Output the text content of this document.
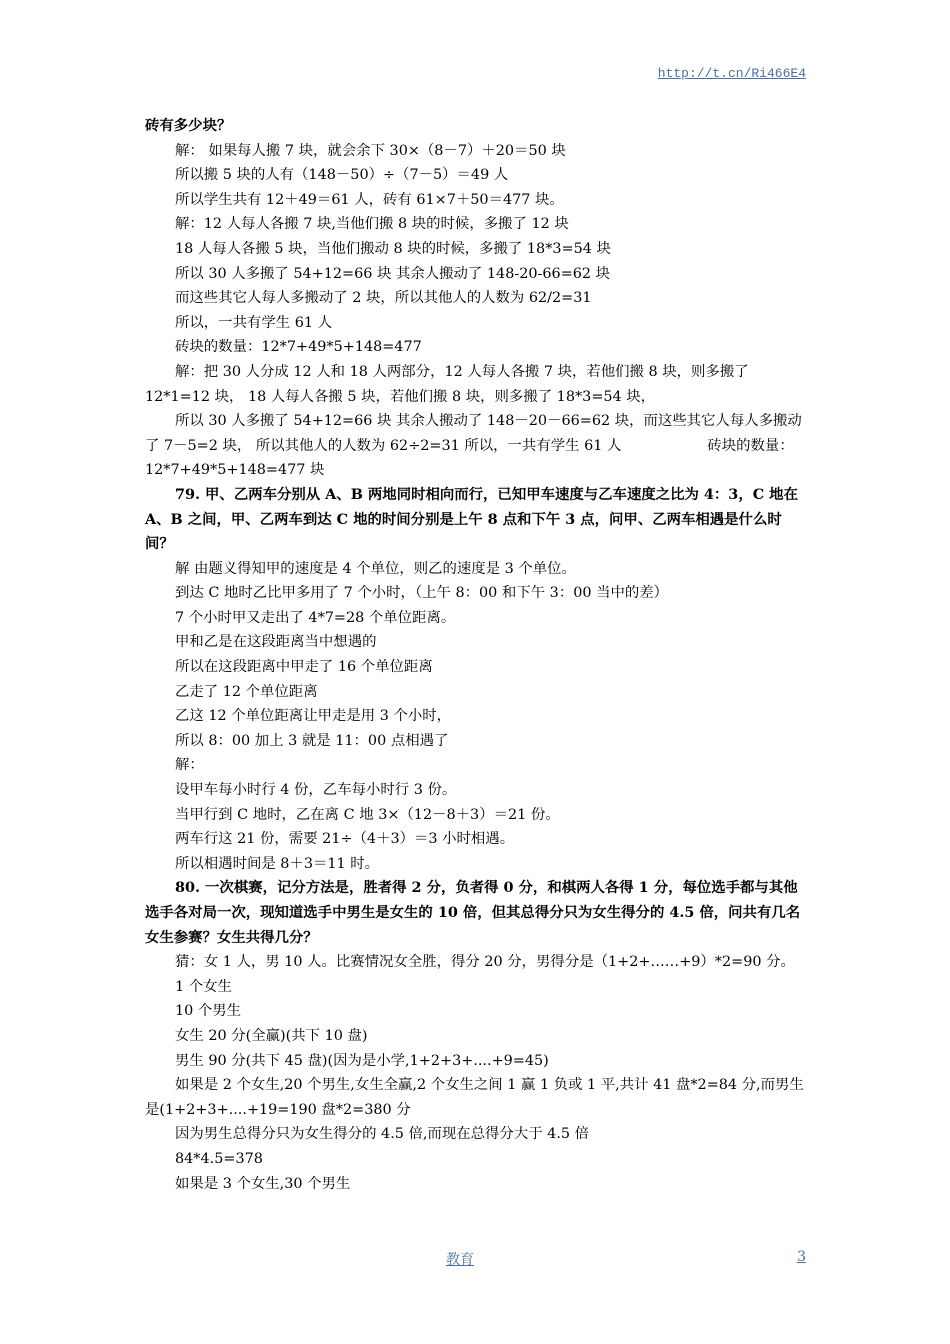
http://t.cn/Ri466E4

砖有多少块？

解： 如果每人搬 7 块，就会余下 30×（8－7）＋20＝50 块

所以搬 5 块的人有（148－50）÷（7－5）＝49 人

所以学生共有 12＋49＝61 人，砖有 61×7＋50＝477 块。

解：12 人每人各搬 7 块,当他们搬 8 块的时候，多搬了 12 块

18 人每人各搬 5 块，当他们搬动 8 块的时候，多搬了 18*3=54 块

所以 30 人多搬了 54+12=66 块 其余人搬动了 148-20-66=62 块

而这些其它人每人多搬动了 2 块，所以其他人的人数为 62/2=31

所以，一共有学生 61 人

砖块的数量：12*7+49*5+148=477

解：把 30 人分成 12 人和 18 人两部分，12 人每人各搬 7 块，若他们搬 8 块，则多搬了 12*1=12 块， 18 人每人各搬 5 块，若他们搬 8 块，则多搬了 18*3=54 块，

所以 30 人多搬了 54+12=66 块 其余人搬动了 148－20－66=62 块，而这些其它人每人多搬动了 7－5=2 块， 所以其他人的人数为 62÷2=31 所以，一共有学生 61 人	砖块的数量：12*7+49*5+148=477 块

79. 甲、乙两车分别从 A、B 两地同时相向而行，已知甲车速度与乙车速度之比为 4：3，C 地在 A、B 之间，甲、乙两车到达 C 地的时间分别是上午 8 点和下午 3 点，问甲、乙两车相遇是什么时间？

解 由题义得知甲的速度是 4 个单位，则乙的速度是 3 个单位。

到达 C 地时乙比甲多用了 7 个小时，（上午 8：00 和下午 3：00 当中的差）

7 个小时甲又走出了 4*7=28 个单位距离。

甲和乙是在这段距离当中想遇的

所以在这段距离中甲走了 16 个单位距离

乙走了 12 个单位距离

乙这 12 个单位距离让甲走是用 3 个小时，

所以 8：00 加上 3 就是 11：00 点相遇了

解：

设甲车每小时行 4 份，乙车每小时行 3 份。

当甲行到 C 地时，乙在离 C 地 3×（12－8＋3）＝21 份。

两车行这 21 份，需要 21÷（4＋3）＝3 小时相遇。

所以相遇时间是 8＋3＝11 时。

80. 一次棋赛，记分方法是，胜者得 2 分，负者得 0 分，和棋两人各得 1 分，每位选手都与其他选手各对局一次，现知道选手中男生是女生的 10 倍，但其总得分只为女生得分的 4.5 倍，问共有几名女生参赛？女生共得几分？

猜：女 1 人，男 10 人。比赛情况女全胜，得分 20 分，男得分是（1+2+……+9）*2=90 分。

1 个女生

10 个男生

女生 20 分(全赢)(共下 10 盘)

男生 90 分(共下 45 盘)(因为是小学,1+2+3+....+9=45)

如果是 2 个女生,20 个男生,女生全赢,2 个女生之间 1 赢 1 负或 1 平,共计 41 盘*2=84 分,而男生是(1+2+3+....+19=190 盘*2=380 分

因为男生总得分只为女生得分的 4.5 倍,而现在总得分大于 4.5 倍

84*4.5=378

如果是 3 个女生,30 个男生

教育	3
